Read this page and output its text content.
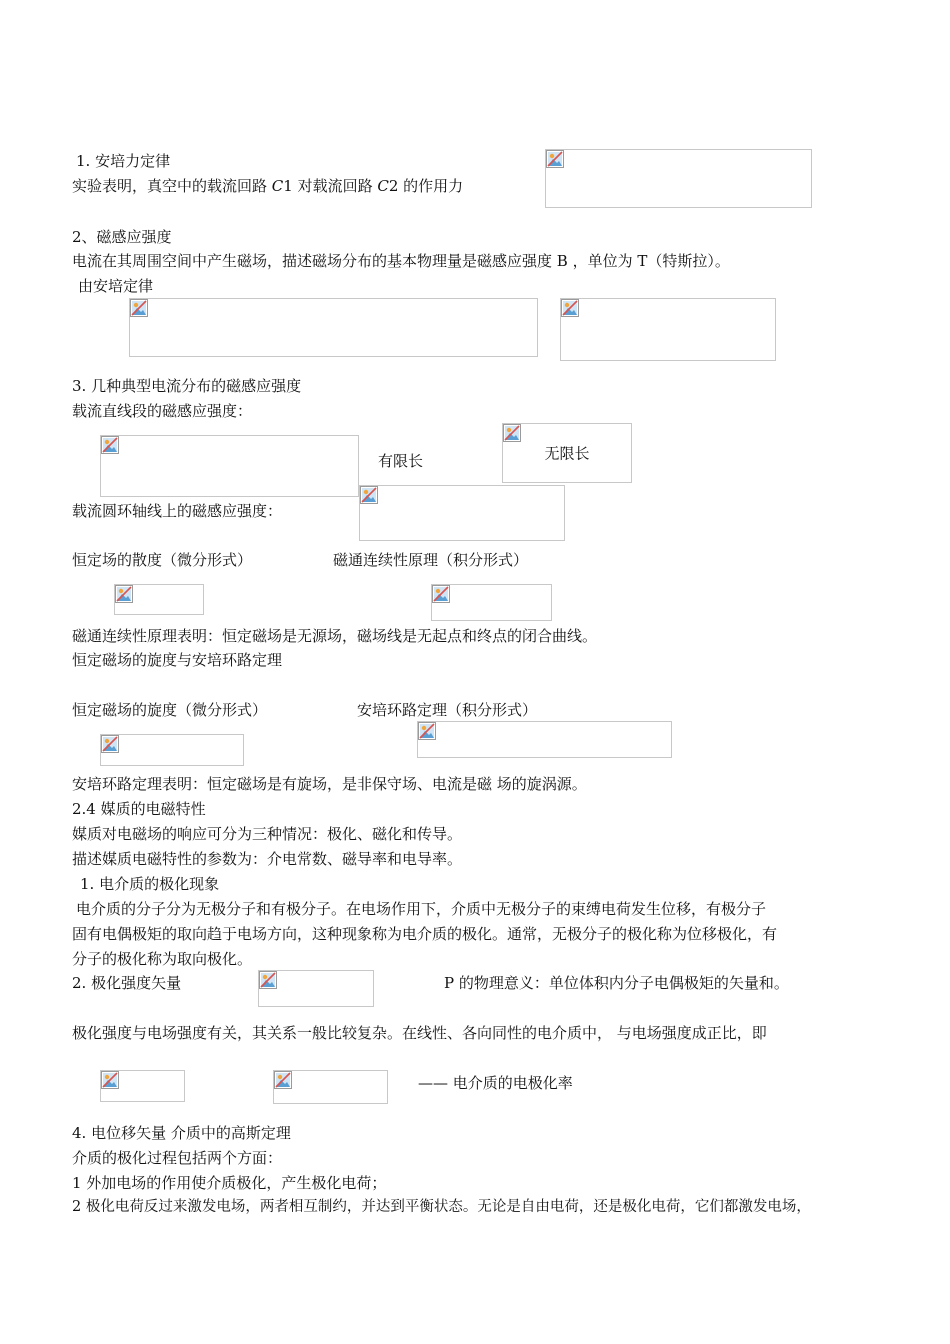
1. 安培力定律
实验表明，真空中的载流回路 C1 对载流回路 C2 的作用力
2、磁感应强度
电流在其周围空间中产生磁场，描述磁场分布的基本物理量是磁感应强度 B ，单位为 T（特斯拉）。
由安培定律
3. 几种典型电流分布的磁感应强度
载流直线段的磁感应强度：
有限长	无限长
载流圆环轴线上的磁感应强度：
恒定场的散度（微分形式）	磁通连续性原理（积分形式）
磁通连续性原理表明：恒定磁场是无源场，磁场线是无起点和终点的闭合曲线。
恒定磁场的旋度与安培环路定理
恒定磁场的旋度（微分形式）	安培环路定理（积分形式）
安培环路定理表明：恒定磁场是有旋场，是非保守场、电流是磁 场的旋涡源。
2.4 媒质的电磁特性
媒质对电磁场的响应可分为三种情况：极化、磁化和传导。
描述媒质电磁特性的参数为：介电常数、磁导率和电导率。
1. 电介质的极化现象
电介质的分子分为无极分子和有极分子。在电场作用下，介质中无极分子的束缚电荷发生位移，有极分子
固有电偶极矩的取向趋于电场方向，这种现象称为电介质的极化。通常，无极分子的极化称为位移极化，有
分子的极化称为取向极化。
2. 极化强度矢量	P 的物理意义：单位体积内分子电偶极矩的矢量和。
极化强度与电场强度有关，其关系一般比较复杂。在线性、各向同性的电介质中， 与电场强度成正比，即
—— 电介质的电极化率
4. 电位移矢量 介质中的高斯定理
介质的极化过程包括两个方面：
1 外加电场的作用使介质极化，产生极化电荷；
2 极化电荷反过来激发电场，两者相互制约，并达到平衡状态。无论是自由电荷，还是极化电荷，它们都激发电场，
